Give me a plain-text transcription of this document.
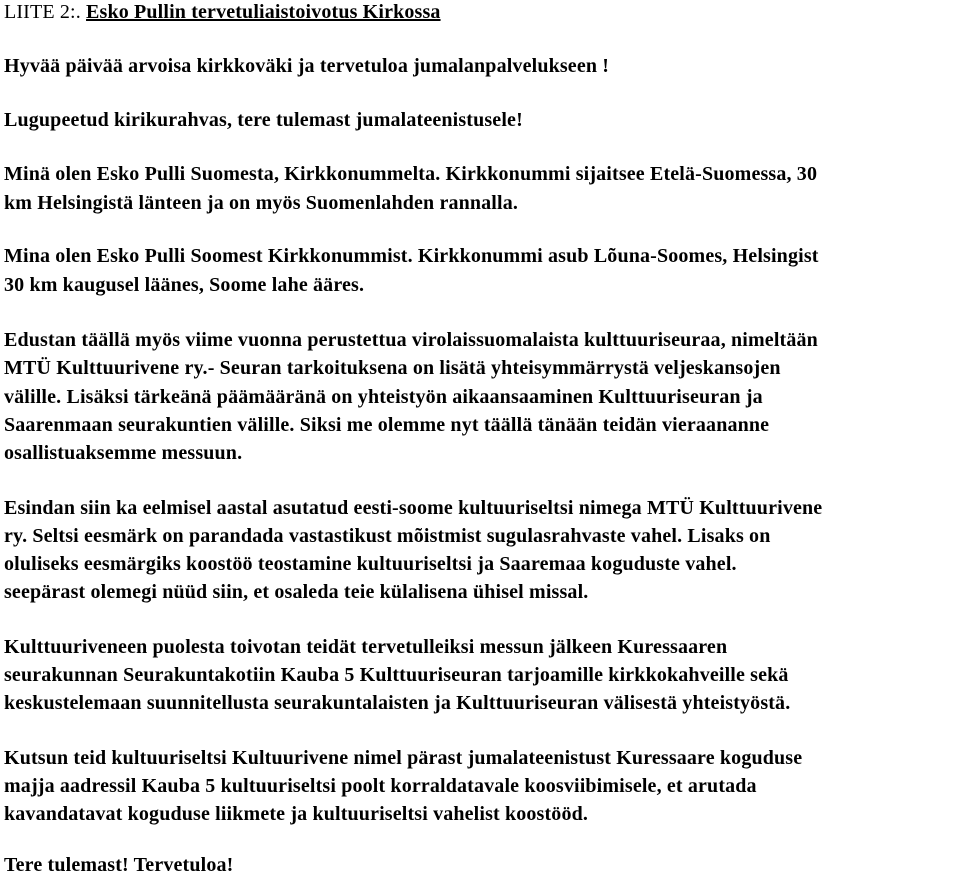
LIITE 2:. Esko Pullin tervetuliaistoivotus Kirkossa
Hyvää päivää arvoisa kirkkoväki ja tervetuloa jumalanpalvelukseen !
Lugupeetud kirikurahvas, tere tulemast jumalateenistusele!
Minä olen Esko Pulli Suomesta, Kirkkonummelta. Kirkkonummi sijaitsee Etelä-Suomessa, 30
km Helsingistä länteen ja on myös Suomenlahden rannalla.
Mina olen Esko Pulli Soomest Kirkkonummist. Kirkkonummi asub Lõuna-Soomes, Helsingist
30 km kaugusel läänes, Soome lahe ääres.
Edustan täällä myös viime vuonna perustettua virolaissuomalaista kulttuuriseuraa, nimeltään
MTÜ Kulttuurivene ry.- Seuran tarkoituksena on lisätä yhteisymmärrystä veljeskansojen
välille. Lisäksi tärkeänä päämääränä on yhteistyön aikaansaaminen Kulttuuriseuran ja
Saarenmaan seurakuntien välille. Siksi me olemme nyt täällä tänään teidän vieraananne
osallistuaksemme messuun.
Esindan siin ka eelmisel aastal asutatud eesti-soome kultuuriseltsi nimega MTÜ Kulttuurivene
ry. Seltsi eesmärk on parandada vastastikust mõistmist sugulasrahvaste vahel. Lisaks on
oluliseks eesmärgiks koostöö teostamine kultuuriseltsi ja Saaremaa koguduste vahel.
seepärast olemegi nüüd siin, et osaleda teie külalisena ühisel missal.
Kulttuuriveneen puolesta toivotan teidät tervetulleiksi messun jälkeen Kuressaaren
seurakunnan Seurakuntakotiin Kauba 5 Kulttuuriseuran tarjoamille kirkkokahveille sekä
keskustelemaan suunnitellusta seurakuntalaisten ja Kulttuuriseuran välisestä yhteistyöstä.
Kutsun teid kultuuriseltsi Kultuurivene nimel pärast jumalateenistust Kuressaare koguduse
majja aadressil Kauba 5 kultuuriseltsi poolt korraldatavale koosviibimisele, et arutada
kavandatavat koguduse liikmete ja kultuuriseltsi vahelist koostööd.
Tere tulemast! Tervetuloa!
